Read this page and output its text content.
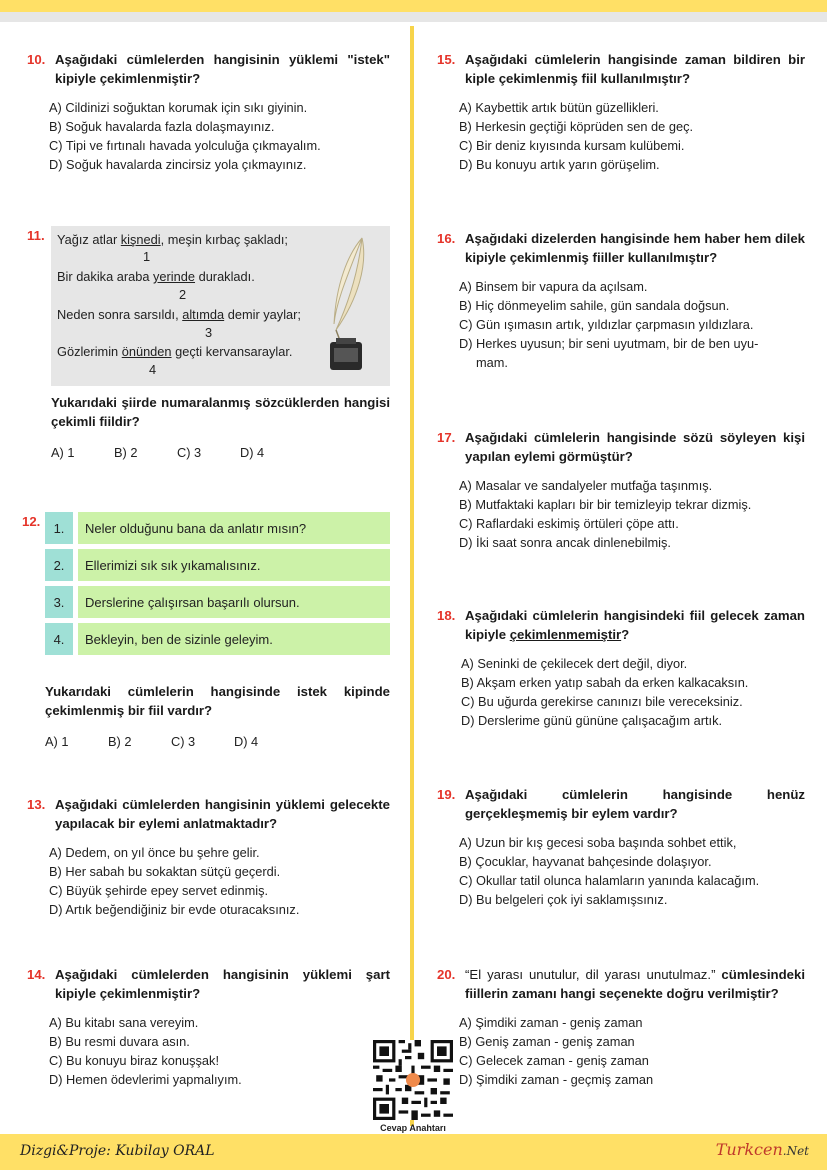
10. Aşağıdaki cümlelerden hangisinin yüklemi "istek" kipiyle çekimlenmiştir?
A) Cildinizi soğuktan korumak için sıkı giyinin.
B) Soğuk havalarda fazla dolaşmayınız.
C) Tipi ve fırtınalı havada yolculuğa çıkmayalım.
D) Soğuk havalarda zincirsiz yola çıkmayınız.
11. Yağız atlar kişnedi, meşin kırbaç şakladı;
1
Bir dakika araba yerinde durakladı.
2
Neden sonra sarsıldı, altımda demir yaylar;
3
Gözlerimin önünden geçti kervansaraylar.
4
Yukarıdaki şiirde numaralanmış sözcüklerden hangisi çekimli fiildir?
A) 1	B) 2	C) 3	D) 4
12.	1.	Neler olduğunu bana da anlatır mısın?
2.	Ellerimizi sık sık yıkamalısınız.
3.	Derslerine çalışırsan başarılı olursun.
4.	Bekleyin, ben de sizinle geleyim.
Yukarıdaki cümlelerin hangisinde istek kipinde çekimlenmiş bir fiil vardır?
A) 1	B) 2	C) 3	D) 4
13. Aşağıdaki cümlelerden hangisinin yüklemi gelecekte yapılacak bir eylemi anlatmaktadır?
A) Dedem, on yıl önce bu şehre gelir.
B) Her sabah bu sokaktan sütçü geçerdi.
C) Büyük şehirde epey servet edinmiş.
D) Artık beğendiğiniz bir evde oturacaksınız.
14. Aşağıdaki cümlelerden hangisinin yüklemi şart kipiyle çekimlenmiştir?
A) Bu kitabı sana vereyim.
B) Bu resmi duvara asın.
C) Bu konuyu biraz konuşşak!
D) Hemen ödevlerimi yapmalıyım.
15. Aşağıdaki cümlelerin hangisinde zaman bildiren bir kiple çekimlenmiş fiil kullanılmıştır?
A) Kaybettik artık bütün güzellikleri.
B) Herkesin geçtiği köprüden sen de geç.
C) Bir deniz kıyısında kursam kulübemi.
D) Bu konuyu artık yarın görüşelim.
16. Aşağıdaki dizelerden hangisinde hem haber hem dilek kipiyle çekimlenmiş fiiller kullanılmıştır?
A) Binsem bir vapura da açılsam.
B) Hiç dönmeyelim sahile, gün sandala doğsun.
C) Gün ışımasın artık, yıldızlar çarpmasın yıldızlara.
D) Herkes uyusun; bir seni uyutmam, bir de ben uyu-
mam.
17. Aşağıdaki cümlelerin hangisinde sözü söyleyen kişi yapılan eylemi görmüştür?
A) Masalar ve sandalyeler mutfağa taşınmış.
B) Mutfaktaki kapları bir bir temizleyip tekrar dizmiş.
C) Raflardaki eskimiş örtüleri çöpe attı.
D) İki saat sonra ancak dinlenebilmiş.
18. Aşağıdaki cümlelerin hangisindeki fiil gelecek zaman kipiyle çekimlenmemiştir?
A) Seninki de çekilecek dert değil, diyor.
B) Akşam erken yatıp sabah da erken kalkacaksın.
C) Bu uğurda gerekirse canınızı bile vereceksiniz.
D) Derslerime günü gününe çalışacağım artık.
19. Aşağıdaki cümlelerin hangisinde henüz gerçekleşmemiş bir eylem vardır?
A) Uzun bir kış gecesi soba başında sohbet ettik,
B) Çocuklar, hayvanat bahçesinde dolaşıyor.
C) Okullar tatil olunca halamların yanında kalacağım.
D) Bu belgeleri çok iyi saklamışsınız.
20. “El yarası unutulur, dil yarası unutulmaz.” cümlesindeki fiillerin zamanı hangi seçenekte doğru verilmiştir?
A) Şimdiki zaman - geniş zaman
B) Geniş zaman - geniş zaman
C) Gelecek zaman - geniş zaman
D) Şimdiki zaman - geçmiş zaman
Cevap Anahtarı
Dizgi&Proje: Kubilay ORAL	Turkcen.Net
